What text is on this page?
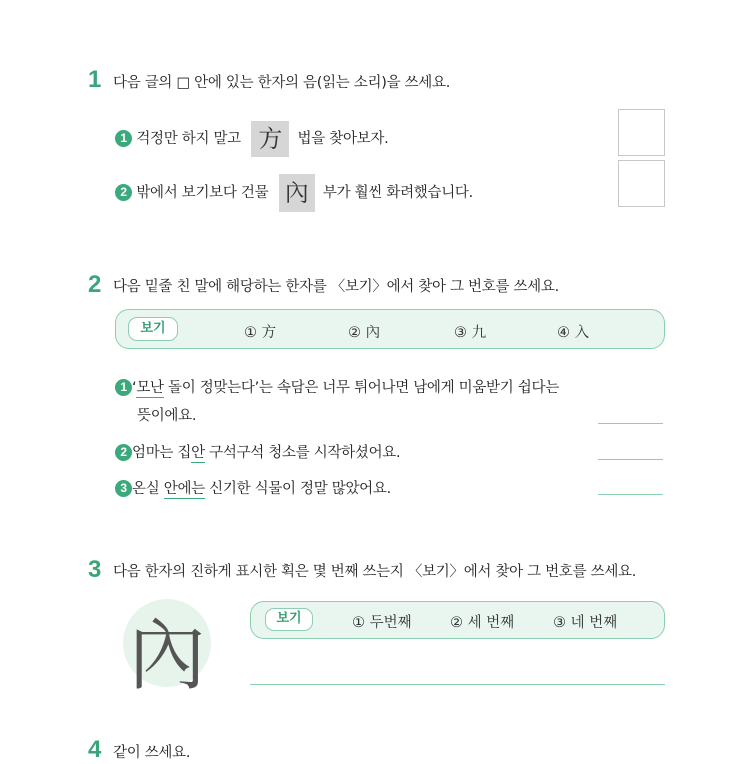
1 다음 글의 □ 안에 있는 한자의 음(읽는 소리)을 쓰세요.
1 걱정만 하지 말고 方 법을 찾아보자.
2 밖에서 보기보다 건물 內 부가 훨씬 화려했습니다.
2 다음 밑줄 친 말에 해당하는 한자를 〈보기〉에서 찾아 그 번호를 쓰세요.
보기	① 方	② 內	③ 九	④ 入
1 ‘모난 돌이 정맞는다’는 속담은 너무 튀어나면 남에게 미움받기 쉽다는
뜻이에요.
2 엄마는 집안 구석구석 청소를 시작하셨어요.
3 온실 안에는 신기한 식물이 정말 많았어요.
3 다음 한자의 진하게 표시한 획은 몇 번째 쓰는지 〈보기〉에서 찾아 그 번호를 쓰세요.
內	보기	① 두번째	② 세 번째	③ 네 번째
4 같이 쓰세요.
